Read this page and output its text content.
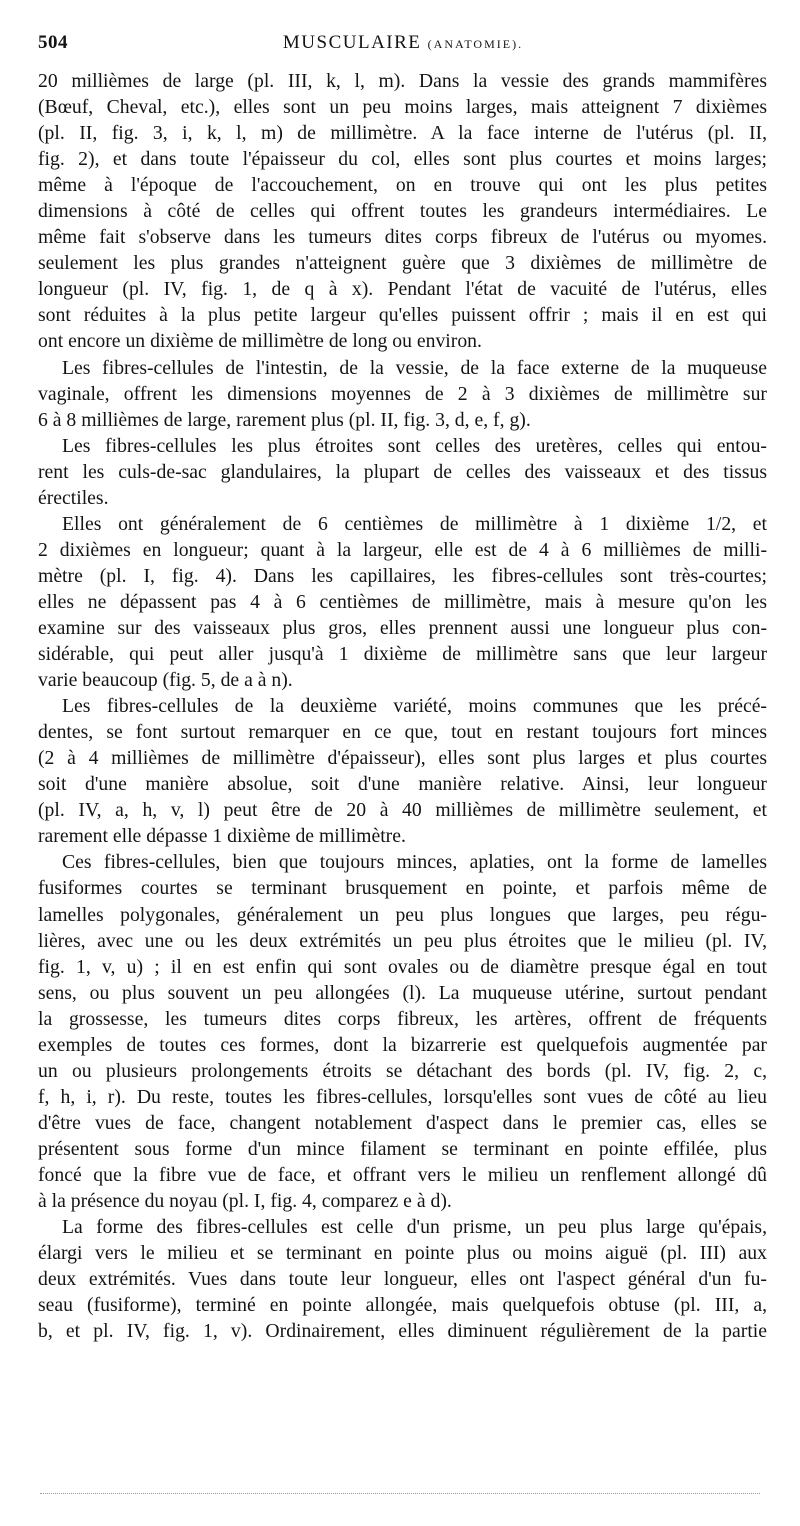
504	MUSCULAIRE (ANATOMIE).
20 millièmes de large (pl. III, k, l, m). Dans la vessie des grands mammifères
(Bœuf, Cheval, etc.), elles sont un peu moins larges, mais atteignent 7 dixièmes
(pl. II, fig. 3, i, k, l, m) de millimètre. A la face interne de l'utérus (pl. II,
fig. 2), et dans toute l'épaisseur du col, elles sont plus courtes et moins larges;
même à l'époque de l'accouchement, on en trouve qui ont les plus petites
dimensions à côté de celles qui offrent toutes les grandeurs intermédiaires. Le
même fait s'observe dans les tumeurs dites corps fibreux de l'utérus ou myomes.
seulement les plus grandes n'atteignent guère que 3 dixièmes de millimètre de
longueur (pl. IV, fig. 1, de q à x). Pendant l'état de vacuité de l'utérus, elles
sont réduites à la plus petite largeur qu'elles puissent offrir ; mais il en est qui
ont encore un dixième de millimètre de long ou environ.
Les fibres-cellules de l'intestin, de la vessie, de la face externe de la muqueuse
vaginale, offrent les dimensions moyennes de 2 à 3 dixièmes de millimètre sur
6 à 8 millièmes de large, rarement plus (pl. II, fig. 3, d, e, f, g).
Les fibres-cellules les plus étroites sont celles des uretères, celles qui entou-
rent les culs-de-sac glandulaires, la plupart de celles des vaisseaux et des tissus
érectiles.
Elles ont généralement de 6 centièmes de millimètre à 1 dixième 1/2, et
2 dixièmes en longueur; quant à la largeur, elle est de 4 à 6 millièmes de milli-
mètre (pl. I, fig. 4). Dans les capillaires, les fibres-cellules sont très-courtes;
elles ne dépassent pas 4 à 6 centièmes de millimètre, mais à mesure qu'on les
examine sur des vaisseaux plus gros, elles prennent aussi une longueur plus con-
sidérable, qui peut aller jusqu'à 1 dixième de millimètre sans que leur largeur
varie beaucoup (fig. 5, de a à n).
Les fibres-cellules de la deuxième variété, moins communes que les précé-
dentes, se font surtout remarquer en ce que, tout en restant toujours fort minces
(2 à 4 millièmes de millimètre d'épaisseur), elles sont plus larges et plus courtes
soit d'une manière absolue, soit d'une manière relative. Ainsi, leur longueur
(pl. IV, a, h, v, l) peut être de 20 à 40 millièmes de millimètre seulement, et
rarement elle dépasse 1 dixième de millimètre.
Ces fibres-cellules, bien que toujours minces, aplaties, ont la forme de lamelles
fusiformes courtes se terminant brusquement en pointe, et parfois même de
lamelles polygonales, généralement un peu plus longues que larges, peu régu-
lières, avec une ou les deux extrémités un peu plus étroites que le milieu (pl. IV,
fig. 1, v, u) ; il en est enfin qui sont ovales ou de diamètre presque égal en tout
sens, ou plus souvent un peu allongées (l). La muqueuse utérine, surtout pendant
la grossesse, les tumeurs dites corps fibreux, les artères, offrent de fréquents
exemples de toutes ces formes, dont la bizarrerie est quelquefois augmentée par
un ou plusieurs prolongements étroits se détachant des bords (pl. IV, fig. 2, c,
f, h, i, r). Du reste, toutes les fibres-cellules, lorsqu'elles sont vues de côté au lieu
d'être vues de face, changent notablement d'aspect dans le premier cas, elles se
présentent sous forme d'un mince filament se terminant en pointe effilée, plus
foncé que la fibre vue de face, et offrant vers le milieu un renflement allongé dû
à la présence du noyau (pl. I, fig. 4, comparez e à d).
La forme des fibres-cellules est celle d'un prisme, un peu plus large qu'épais,
élargi vers le milieu et se terminant en pointe plus ou moins aiguë (pl. III) aux
deux extrémités. Vues dans toute leur longueur, elles ont l'aspect général d'un fu-
seau (fusiforme), terminé en pointe allongée, mais quelquefois obtuse (pl. III, a,
b, et pl. IV, fig. 1, v). Ordinairement, elles diminuent régulièrement de la partie
